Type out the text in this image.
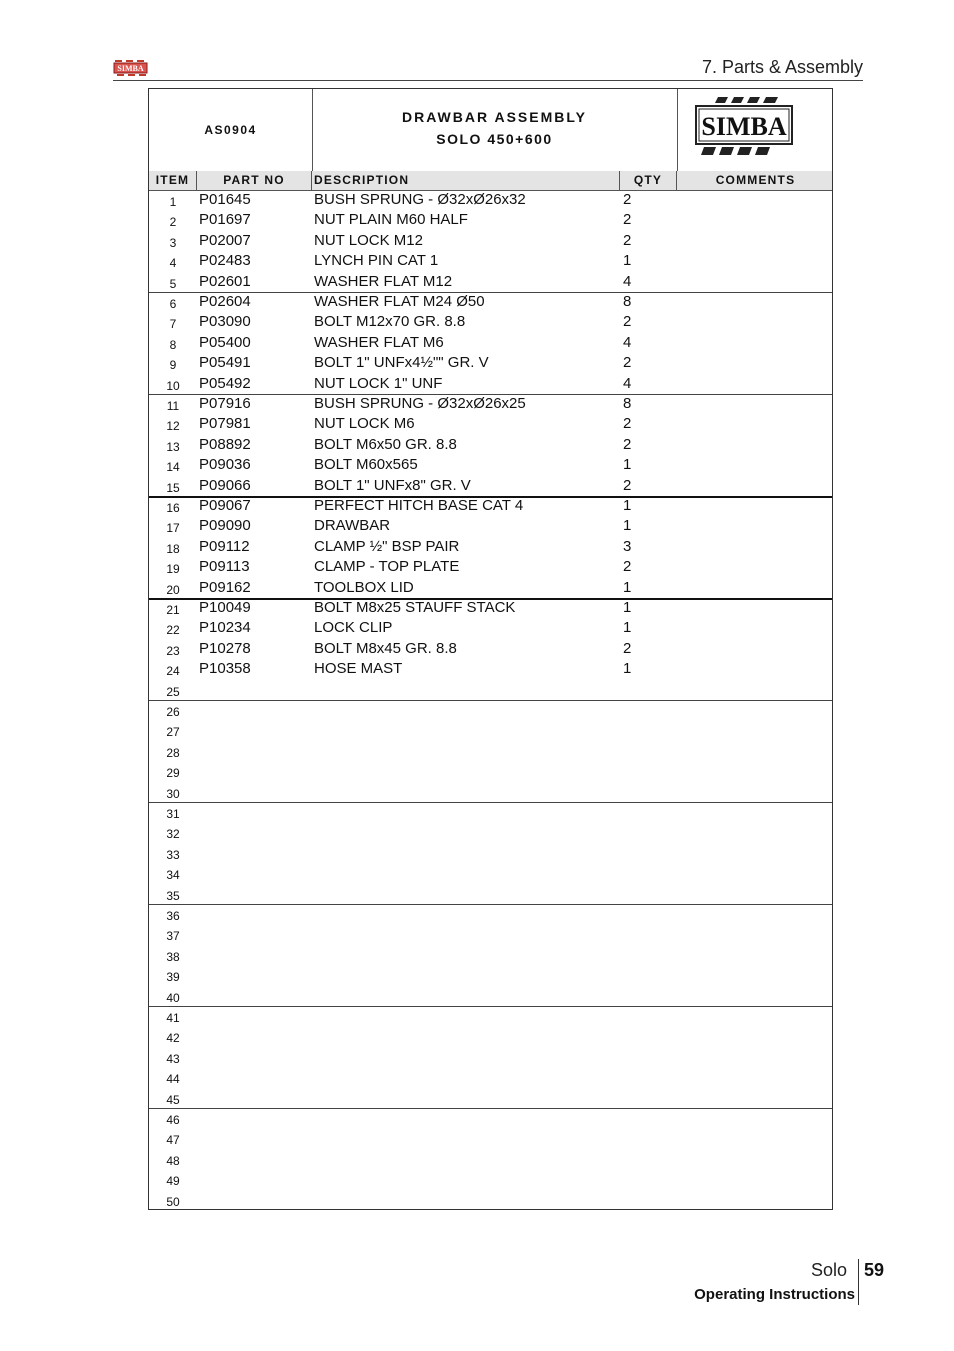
SIMBA	7. Parts & Assembly
AS0904
DRAWBAR ASSEMBLY
SOLO 450+600	SIMBA
ITEM	PART NO	DESCRIPTION	QTY	COMMENTS
1	P01645	BUSH SPRUNG - Ø32xØ26x32	2
2	P01697	NUT PLAIN M60 HALF	2
3	P02007	NUT LOCK M12	2
4	P02483	LYNCH PIN CAT 1	1
5	P02601	WASHER FLAT M12	4
6	P02604	WASHER FLAT M24 Ø50	8
7	P03090	BOLT M12x70 GR. 8.8	2
8	P05400	WASHER FLAT M6	4
9	P05491	BOLT 1" UNFx4½"" GR. V	2
10	P05492	NUT LOCK 1" UNF	4
11	P07916	BUSH SPRUNG - Ø32xØ26x25	8
12	P07981	NUT LOCK M6	2
13	P08892	BOLT M6x50 GR. 8.8	2
14	P09036	BOLT M60x565	1
15	P09066	BOLT 1" UNFx8" GR. V	2
16	P09067	PERFECT HITCH BASE CAT 4	1
17	P09090	DRAWBAR	1
18	P09112	CLAMP ½" BSP PAIR	3
19	P09113	CLAMP - TOP PLATE	2
20	P09162	TOOLBOX LID	1
21	P10049	BOLT M8x25 STAUFF STACK	1
22	P10234	LOCK CLIP	1
23	P10278	BOLT M8x45 GR. 8.8	2
24	P10358	HOSE MAST	1
25
26
27
28
29
30
31
32
33
34
35
36
37
38
39
40
41
42
43
44
45
46
47
48
49
50
Solo 59
Operating Instructions
